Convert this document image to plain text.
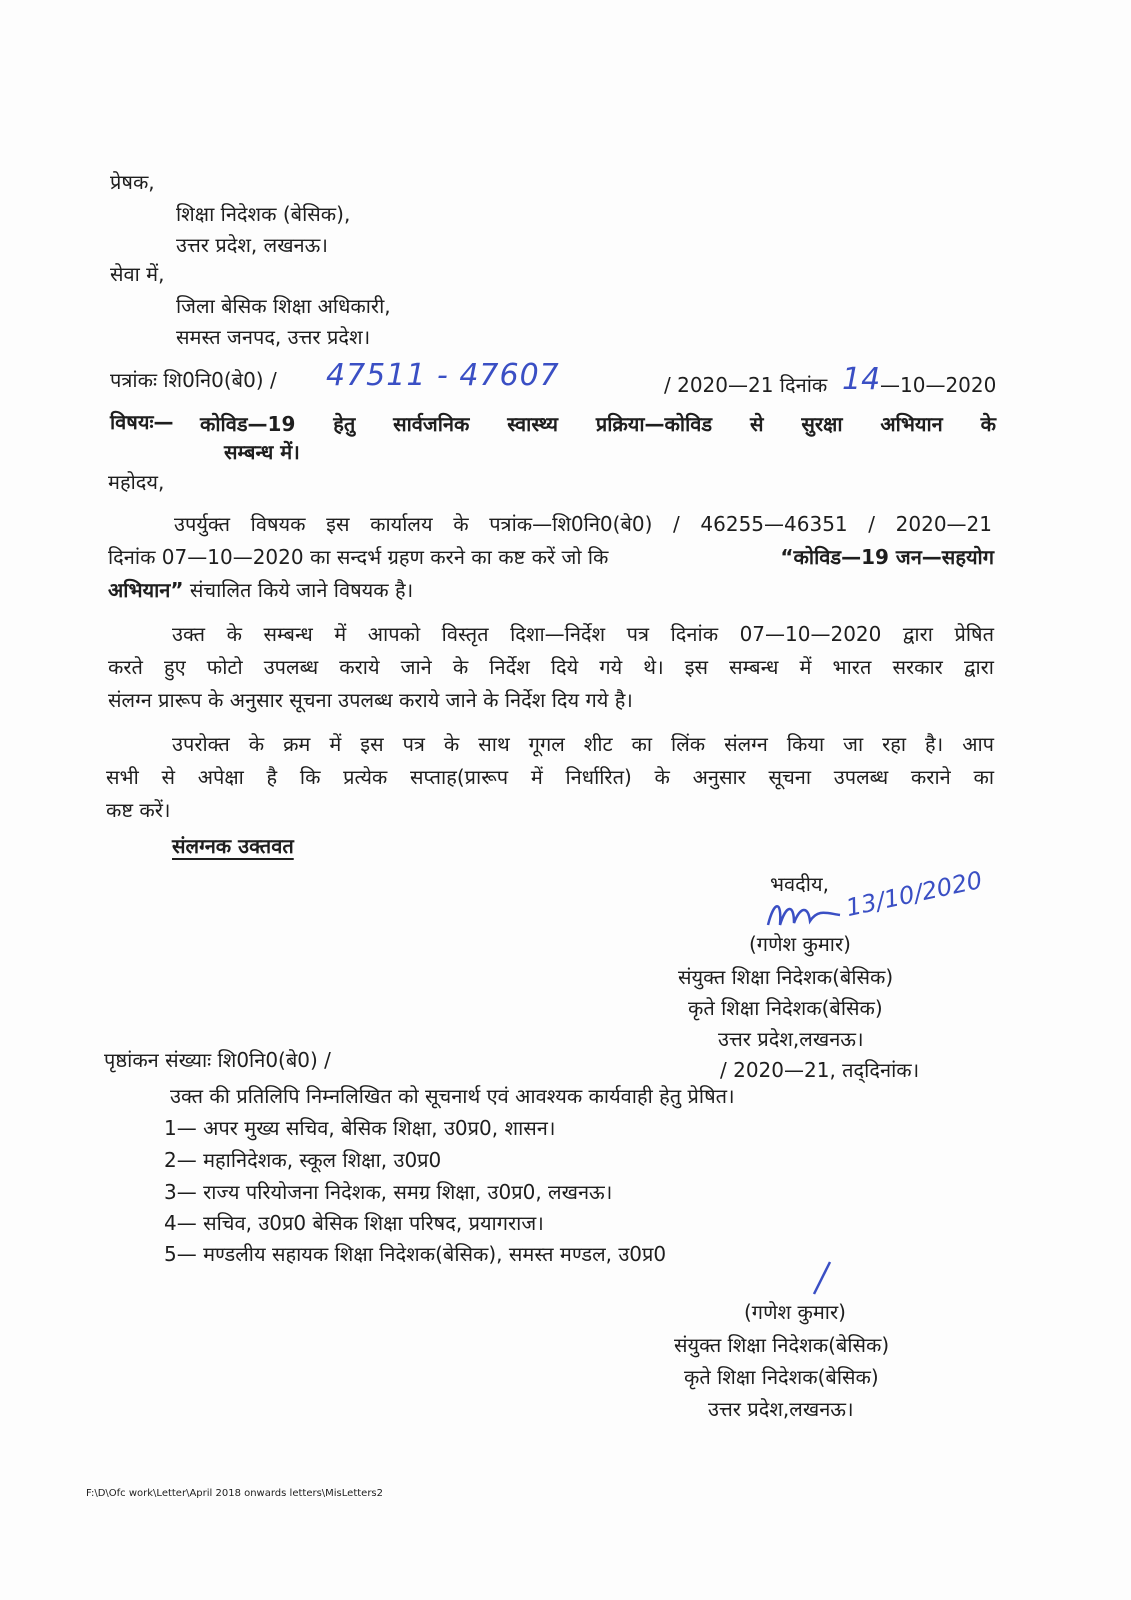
प्रेषक,
शिक्षा निदेशक (बेसिक),
उत्तर प्रदेश, लखनऊ।
सेवा में,
जिला बेसिक शिक्षा अधिकारी,
समस्त जनपद, उत्तर प्रदेश।
पत्रांकः शि0नि0(बे0) / 47511 - 47607	/ 2020—21 दिनांक 14 —10—2020
विषयः— कोविड—19 हेतु सार्वजनिक स्वास्थ्य प्रक्रिया—कोविड से सुरक्षा अभियान के
सम्बन्ध में।
महोदय,
उपर्युक्त विषयक इस कार्यालय के पत्रांक—शि0नि0(बे0) / 46255—46351 / 2020—21
दिनांक 07—10—2020 का सन्दर्भ ग्रहण करने का कष्ट करें जो कि	“कोविड—19 जन—सहयोग
अभियान” संचालित किये जाने विषयक है।
उक्त के सम्बन्ध में आपको विस्तृत दिशा—निर्देश पत्र दिनांक 07—10—2020 द्वारा प्रेषित
करते हुए फोटो उपलब्ध कराये जाने के निर्देश दिये गये थे। इस सम्बन्ध में भारत सरकार द्वारा
संलग्न प्रारूप के अनुसार सूचना उपलब्ध कराये जाने के निर्देश दिय गये है।
उपरोक्त के क्रम में इस पत्र के साथ गूगल शीट का लिंक संलग्न किया जा रहा है। आप
सभी से अपेक्षा है कि प्रत्येक सप्ताह(प्रारूप में निर्धारित) के अनुसार सूचना उपलब्ध कराने का
कष्ट करें।
संलग्नक उक्तवत
भवदीय, 13/10/2020
(गणेश कुमार)
संयुक्त शिक्षा निदेशक(बेसिक)
कृते शिक्षा निदेशक(बेसिक)
उत्तर प्रदेश,लखनऊ।
पृष्ठांकन संख्याः शि0नि0(बे0) /	/ 2020—21, तद्‌दिनांक।
उक्त की प्रतिलिपि निम्नलिखित को सूचनार्थ एवं आवश्यक कार्यवाही हेतु प्रेषित।
1— अपर मुख्य सचिव, बेसिक शिक्षा, उ0प्र0, शासन।
2— महानिदेशक, स्कूल शिक्षा, उ0प्र0
3— राज्य परियोजना निदेशक, समग्र शिक्षा, उ0प्र0, लखनऊ।
4— सचिव, उ0प्र0 बेसिक शिक्षा परिषद, प्रयागराज।
5— मण्डलीय सहायक शिक्षा निदेशक(बेसिक), समस्त मण्डल, उ0प्र0
(गणेश कुमार)
संयुक्त शिक्षा निदेशक(बेसिक)
कृते शिक्षा निदेशक(बेसिक)
उत्तर प्रदेश,लखनऊ।
F:\D\Ofc work\Letter\April 2018 onwards letters\MisLetters2
